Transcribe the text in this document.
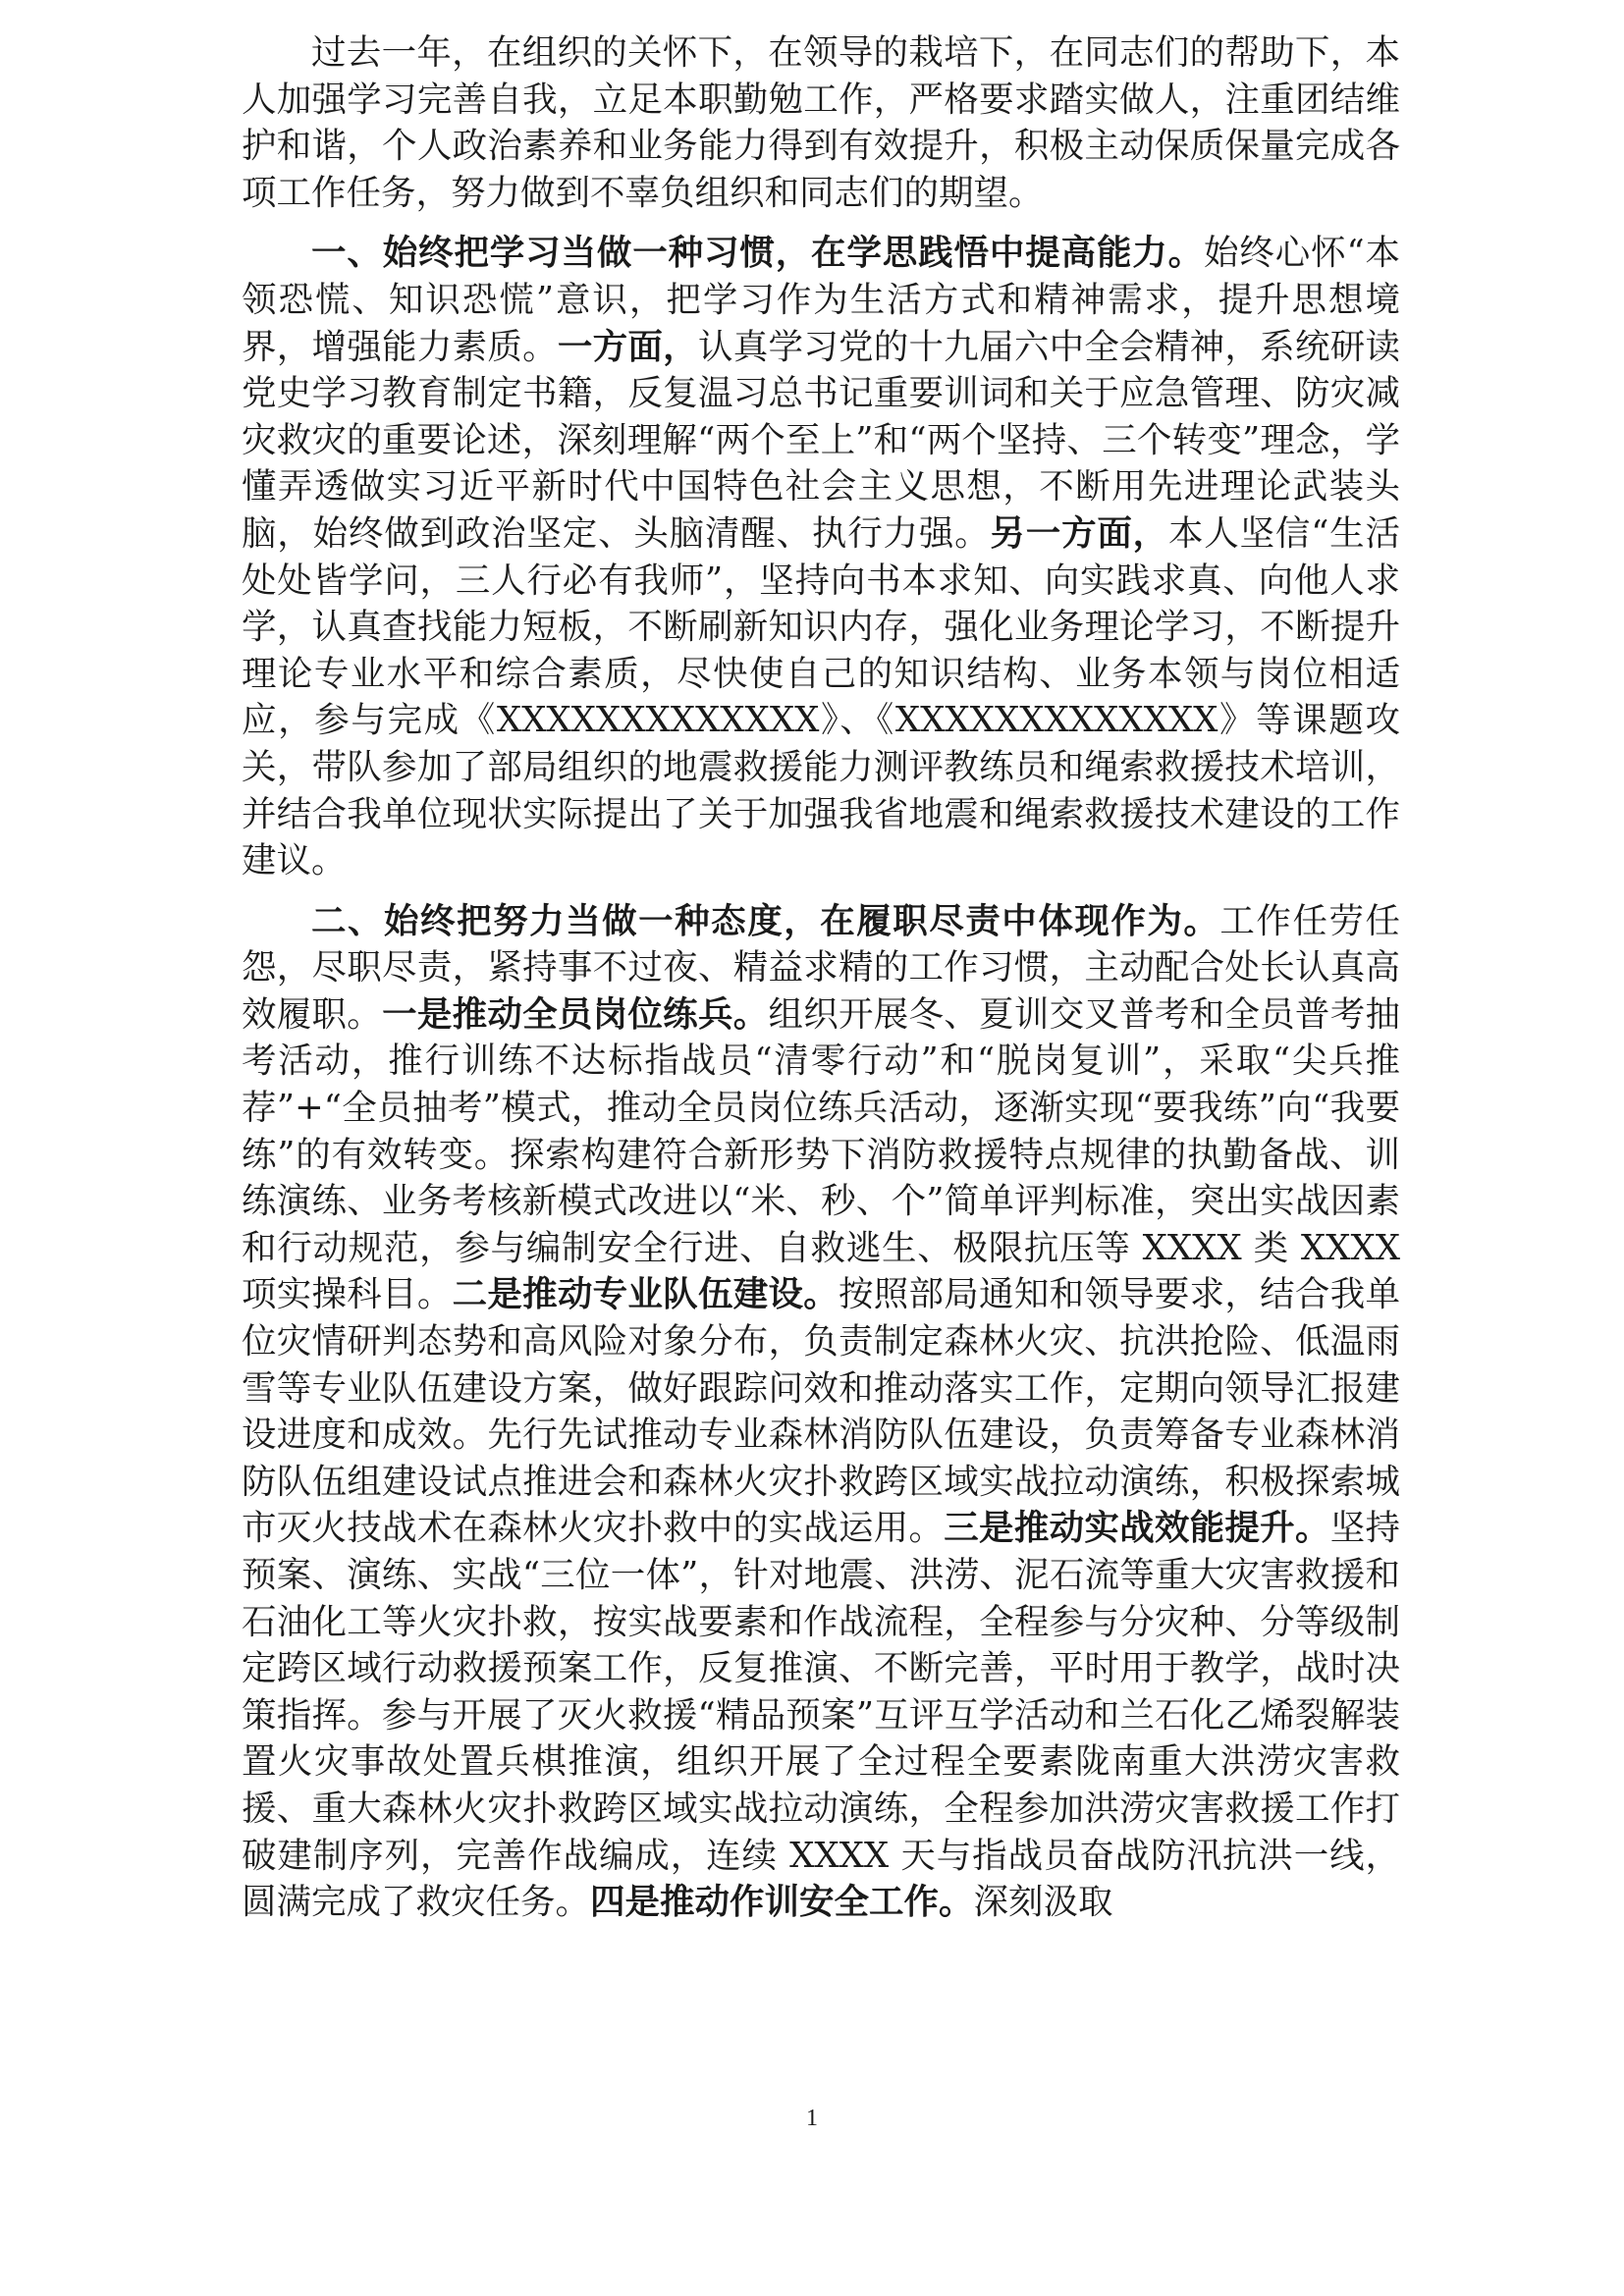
过去一年，在组织的关怀下，在领导的栽培下，在同志们的帮助下，本人加强学习完善自我，立足本职勤勉工作，严格要求踏实做人，注重团结维护和谐，个人政治素养和业务能力得到有效提升，积极主动保质保量完成各项工作任务，努力做到不辜负组织和同志们的期望。

一、始终把学习当做一种习惯，在学思践悟中提高能力。始终心怀“本领恐慌、知识恐慌”意识，把学习作为生活方式和精神需求，提升思想境界，增强能力素质。一方面，认真学习党的十九届六中全会精神，系统研读党史学习教育制定书籍，反复温习总书记重要训词和关于应急管理、防灾减灾救灾的重要论述，深刻理解“两个至上”和“两个坚持、三个转变”理念，学懂弄透做实习近平新时代中国特色社会主义思想，不断用先进理论武装头脑，始终做到政治坚定、头脑清醒、执行力强。另一方面，本人坚信“生活处处皆学问，三人行必有我师”，坚持向书本求知、向实践求真、向他人求学，认真查找能力短板，不断刷新知识内存，强化业务理论学习，不断提升理论专业水平和综合素质，尽快使自己的知识结构、业务本领与岗位相适应，参与完成《XXXXXXXXXXXXX》、《XXXXXXXXXXXXX》等课题攻关，带队参加了部局组织的地震救援能力测评教练员和绳索救援技术培训，并结合我单位现状实际提出了关于加强我省地震和绳索救援技术建设的工作建议。

二、始终把努力当做一种态度，在履职尽责中体现作为。工作任劳任怨，尽职尽责，紧持事不过夜、精益求精的工作习惯，主动配合处长认真高效履职。一是推动全员岗位练兵。组织开展冬、夏训交叉普考和全员普考抽考活动，推行训练不达标指战员“清零行动”和“脱岗复训”，采取“尖兵推荐”+“全员抽考”模式，推动全员岗位练兵活动，逐渐实现“要我练”向“我要练”的有效转变。探索构建符合新形势下消防救援特点规律的执勤备战、训练演练、业务考核新模式改进以“米、秒、个”简单评判标准，突出实战因素和行动规范，参与编制安全行进、自救逃生、极限抗压等 XXXX 类 XXXX 项实操科目。二是推动专业队伍建设。按照部局通知和领导要求，结合我单位灾情研判态势和高风险对象分布，负责制定森林火灾、抗洪抢险、低温雨雪等专业队伍建设方案，做好跟踪问效和推动落实工作，定期向领导汇报建设进度和成效。先行先试推动专业森林消防队伍建设，负责筹备专业森林消防队伍组建设试点推进会和森林火灾扑救跨区域实战拉动演练，积极探索城市灭火技战术在森林火灾扑救中的实战运用。三是推动实战效能提升。坚持预案、演练、实战“三位一体”，针对地震、洪涝、泥石流等重大灾害救援和石油化工等火灾扑救，按实战要素和作战流程，全程参与分灾种、分等级制定跨区域行动救援预案工作，反复推演、不断完善，平时用于教学，战时决策指挥。参与开展了灭火救援“精品预案”互评互学活动和兰石化乙烯裂解装置火灾事故处置兵棋推演，组织开展了全过程全要素陇南重大洪涝灾害救援、重大森林火灾扑救跨区域实战拉动演练，全程参加洪涝灾害救援工作打破建制序列，完善作战编成，连续 XXXX 天与指战员奋战防汛抗洪一线，圆满完成了救灾任务。四是推动作训安全工作。深刻汲取

1
